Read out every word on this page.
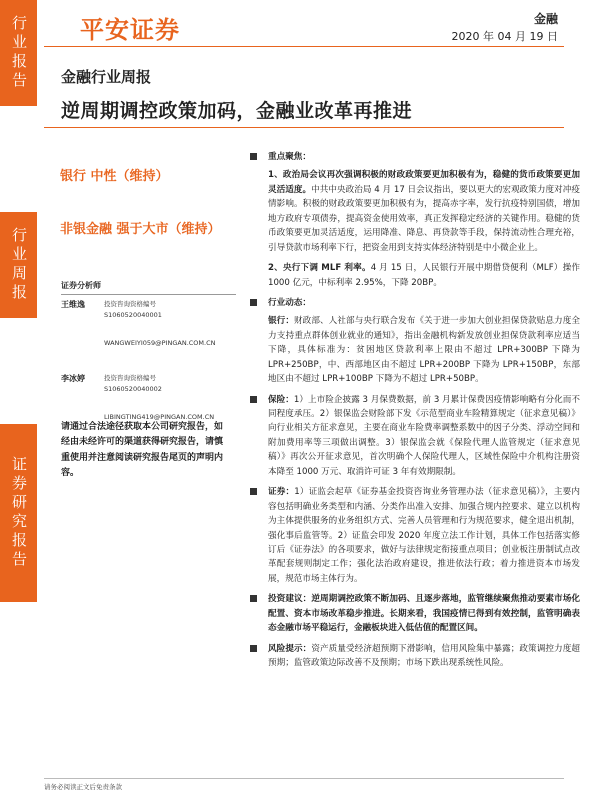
行业报告
行业周报
证券研究报告
平安证券	金融
2020 年 04 月 19 日
金融行业周报
逆周期调控政策加码，金融业改革再推进
银行 中性（维持）
非银金融 强于大市（维持）
证券分析师
王维逸	投资咨询资格编号
S1060520040001
WANGWEIYI059@PINGAN.COM.CN
李冰婷	投资咨询资格编号
S1060520040002
LIBINGTING419@PINGAN.COM.CN
请通过合法途径获取本公司研究报告，如经由未经许可的渠道获得研究报告，请慎重使用并注意阅读研究报告尾页的声明内容。
重点聚焦：

1、政治局会议再次强调积极的财政政策要更加积极有为，稳健的货币政策要更加灵活适度。中共中央政治局 4 月 17 日会议指出，要以更大的宏观政策力度对冲疫情影响。积极的财政政策要更加积极有为，提高赤字率，发行抗疫特别国债，增加地方政府专项债券，提高资金使用效率，真正发挥稳定经济的关键作用。稳健的货币政策要更加灵活适度，运用降准、降息、再贷款等手段，保持流动性合理充裕，引导贷款市场利率下行，把资金用到支持实体经济特别是中小微企业上。

2、央行下调 MLF 利率。4 月 15 日，人民银行开展中期借贷便利（MLF）操作 1000 亿元，中标利率 2.95%，下降 20BP。

行业动态：

银行：财政部、人社部与央行联合发布《关于进一步加大创业担保贷款贴息力度全力支持重点群体创业就业的通知》，指出金融机构新发放创业担保贷款利率应适当下降，具体标准为：贫困地区贷款利率上限由不超过 LPR+300BP 下降为 LPR+250BP，中、西部地区由不超过 LPR+200BP 下降为 LPR+150BP，东部地区由不超过 LPR+100BP 下降为不超过 LPR+50BP。

保险：1）上市险企披露 3 月保费数据，前 3 月累计保费因疫情影响略有分化而不同程度承压。2）银保监会财险部下发《示范型商业车险精算规定（征求意见稿）》向行业相关方征求意见，主要在商业车险费率调整系数中的因子分类、浮动空间和附加费用率等三项做出调整。3）银保监会就《保险代理人监管规定（征求意见稿）》再次公开征求意见，首次明确个人保险代理人，区域性保险中介机构注册资本降至 1000 万元、取消许可证 3 年有效期限制。
证券：1）证监会起草《证券基金投资咨询业务管理办法（征求意见稿）》，主要内容包括明确业务类型和内涵、分类作出准入安排、加强合规内控要求、建立以机构为主体提供服务的业务组织方式、完善人员管理和行为规范要求，健全退出机制，强化事后监管等。2）证监会印发 2020 年度立法工作计划，具体工作包括落实修订后《证券法》的各项要求，做好与法律规定衔接重点项目；创业板注册制试点改革配套规则制定工作；强化法治政府建设，推进依法行政；着力推进资本市场发展，规范市场主体行为。
投资建议：逆周期调控政策不断加码、且逐步落地，监管继续聚焦推动要素市场化配置、资本市场改革稳步推进。长期来看，我国疫情已得到有效控制，监管明确表态金融市场平稳运行，金融板块进入低估值的配置区间。
风险提示：资产质量受经济超预期下滑影响，信用风险集中暴露；政策调控力度超预期；监管政策边际改善不及预期；市场下跌出现系统性风险。
请务必阅读正文后免责条款
